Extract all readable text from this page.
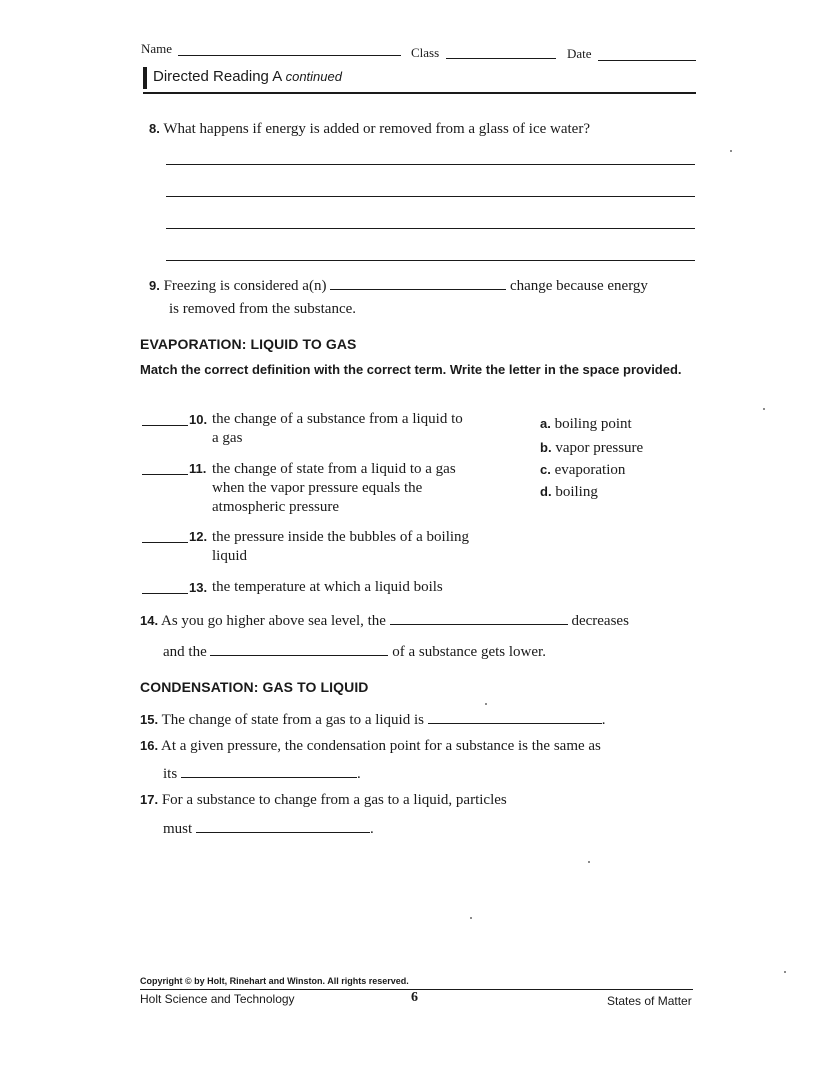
Name	Class	Date
Directed Reading A continued
8. What happens if energy is added or removed from a glass of ice water?
9. Freezing is considered a(n)	change because energy
is removed from the substance.
EVAPORATION: LIQUID TO GAS
Match the correct definition with the correct term. Write the letter in the space provided.
10. the change of a substance from a liquid to
a gas
11. the change of state from a liquid to a gas
when the vapor pressure equals the
atmospheric pressure
12. the pressure inside the bubbles of a boiling
liquid
13. the temperature at which a liquid boils
a. boiling point
b. vapor pressure
c. evaporation
d. boiling
14. As you go higher above sea level, the	decreases
and the	of a substance gets lower.
CONDENSATION: GAS TO LIQUID
15. The change of state from a gas to a liquid is	.
16. At a given pressure, the condensation point for a substance is the same as
its	.
17. For a substance to change from a gas to a liquid, particles
must	.
Copyright © by Holt, Rinehart and Winston. All rights reserved.
Holt Science and Technology	6	States of Matter
